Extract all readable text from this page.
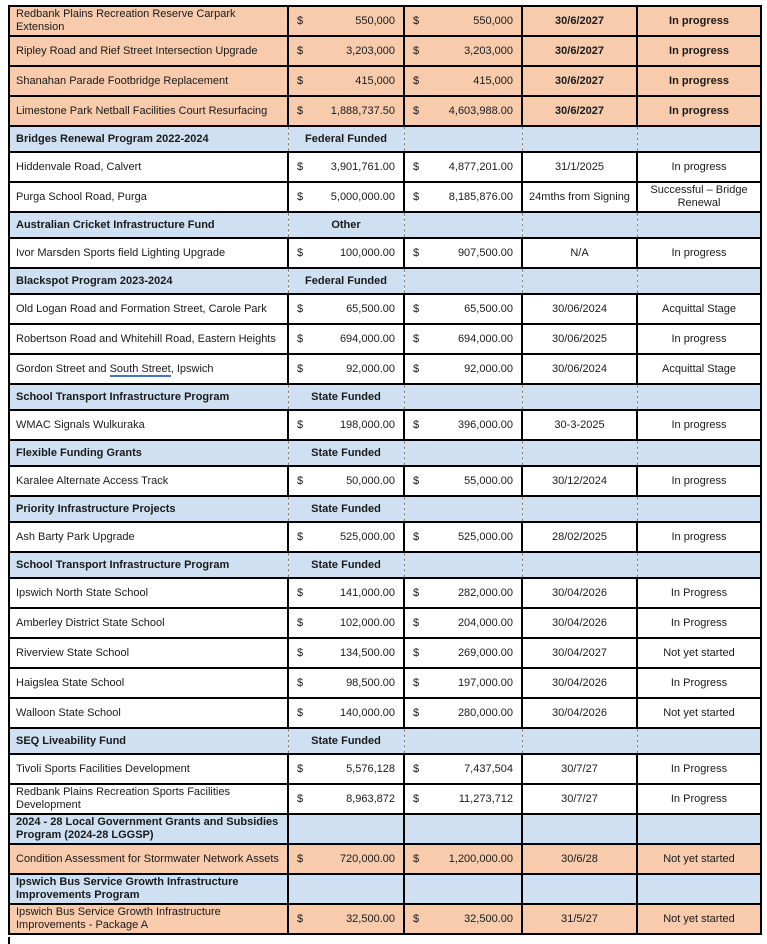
Redbank Plains Recreation Reserve Carpark Extension	$ 550,000	$ 550,000	30/6/2027	In progress
Ripley Road and Rief Street Intersection Upgrade	$ 3,203,000	$ 3,203,000	30/6/2027	In progress
Shanahan Parade Footbridge Replacement	$ 415,000	$ 415,000	30/6/2027	In progress
Limestone Park Netball Facilities Court Resurfacing	$ 1,888,737.50	$ 4,603,988.00	30/6/2027	In progress
Bridges Renewal Program 2022-2024	Federal Funded			
Hiddenvale Road, Calvert	$ 3,901,761.00	$ 4,877,201.00	31/1/2025	In progress
Purga School Road, Purga	$ 5,000,000.00	$ 8,185,876.00	24mths from Signing	Successful – Bridge Renewal
Australian Cricket Infrastructure Fund	Other			
Ivor Marsden Sports field Lighting Upgrade	$ 100,000.00	$ 907,500.00	N/A	In progress
Blackspot Program 2023-2024	Federal Funded			
Old Logan Road and Formation Street, Carole Park	$ 65,500.00	$ 65,500.00	30/06/2024	Acquittal Stage
Robertson Road and Whitehill Road, Eastern Heights	$ 694,000.00	$ 694,000.00	30/06/2025	In progress
Gordon Street and South Street, Ipswich	$ 92,000.00	$ 92,000.00	30/06/2024	Acquittal Stage
School Transport Infrastructure Program	State Funded			
WMAC Signals Wulkuraka	$ 198,000.00	$ 396,000.00	30-3-2025	In progress
Flexible Funding Grants	State Funded			
Karalee Alternate Access Track	$ 50,000.00	$ 55,000.00	30/12/2024	In progress
Priority Infrastructure Projects	State Funded			
Ash Barty Park Upgrade	$ 525,000.00	$ 525,000.00	28/02/2025	In progress
School Transport Infrastructure Program	State Funded			
Ipswich North State School	$ 141,000.00	$ 282,000.00	30/04/2026	In Progress
Amberley District State School	$ 102,000.00	$ 204,000.00	30/04/2026	In Progress
Riverview State School	$ 134,500.00	$ 269,000.00	30/04/2027	Not yet started
Haigslea State School	$ 98,500.00	$ 197,000.00	30/04/2026	In Progress
Walloon State School	$ 140,000.00	$ 280,000.00	30/04/2026	Not yet started
SEQ Liveability Fund	State Funded			
Tivoli Sports Facilities Development	$ 5,576,128	$ 7,437,504	30/7/27	In Progress
Redbank Plains Recreation Sports Facilities Development	$ 8,963,872	$ 11,273,712	30/7/27	In Progress
2024 - 28 Local Government Grants and Subsidies Program (2024-28 LGGSP)				
Condition Assessment for Stormwater Network Assets	$ 720,000.00	$ 1,200,000.00	30/6/28	Not yet started
Ipswich Bus Service Growth Infrastructure Improvements Program				
Ipswich Bus Service Growth Infrastructure Improvements - Package A	$ 32,500.00	$ 32,500.00	31/5/27	Not yet started
